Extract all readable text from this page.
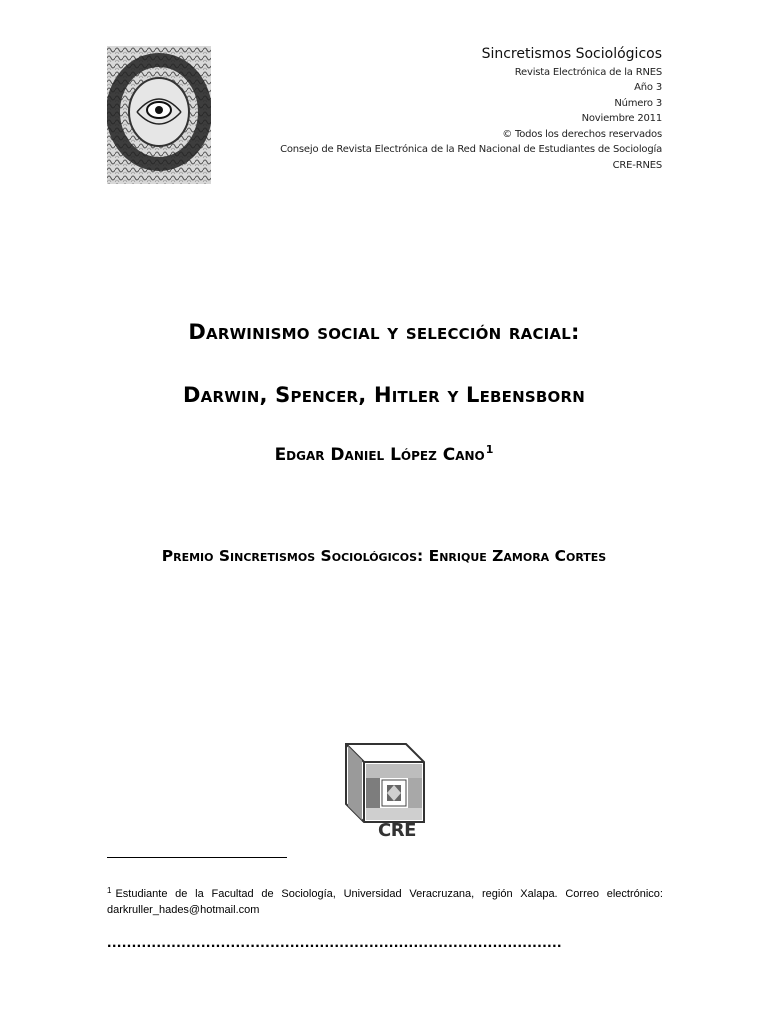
Sincretismos Sociológicos
Revista Electrónica de la RNES
Año 3
Número 3
Noviembre 2011
© Todos los derechos reservados
Consejo de Revista Electrónica de la Red Nacional de Estudiantes de Sociología
CRE-RNES
Darwinismo social y selección racial:
Darwin, Spencer, Hitler y Lebensborn
Edgar Daniel López Cano$^1$
Premio Sincretismos Sociológicos: Enrique Zamora Cortes
CRE
$^1$ Estudiante de la Facultad de Sociología, Universidad Veracruzana, región Xalapa. Correo electrónico: darkruller_hades@hotmail.com
............................................................................................
